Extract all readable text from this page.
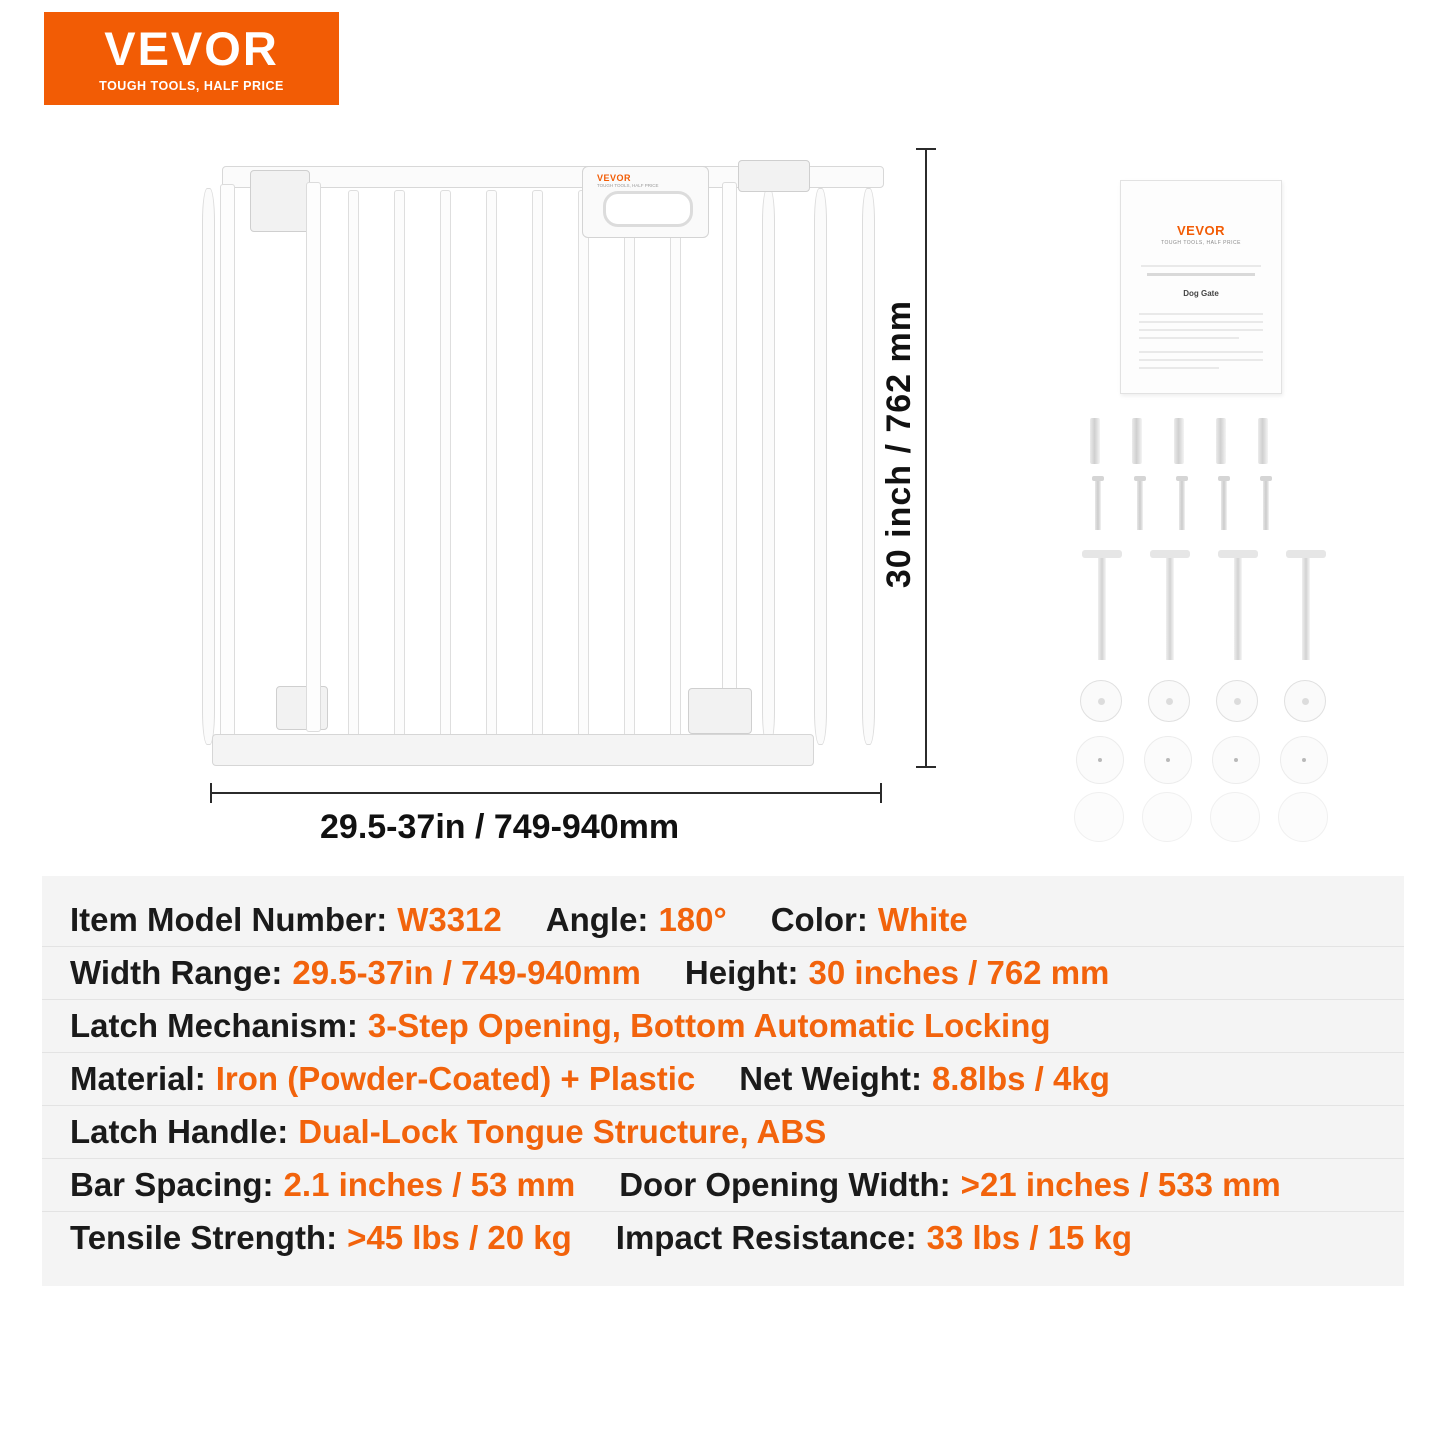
VEVOR
TOUGH TOOLS, HALF PRICE
VEVOR
TOUGH TOOLS, HALF PRICE
30 inch / 762 mm
29.5-37in / 749-940mm
VEVOR
TOUGH TOOLS, HALF PRICE
Dog Gate
Item Model Number: W3312 Angle: 180° Color: White
Width Range: 29.5-37in / 749-940mm Height: 30 inches / 762 mm
Latch Mechanism: 3-Step Opening, Bottom Automatic Locking
Material: Iron (Powder-Coated) + Plastic Net Weight: 8.8lbs / 4kg
Latch Handle: Dual-Lock Tongue Structure, ABS
Bar Spacing: 2.1 inches / 53 mm Door Opening Width: >21 inches / 533 mm
Tensile Strength: >45 lbs / 20 kg Impact Resistance: 33 lbs / 15 kg
